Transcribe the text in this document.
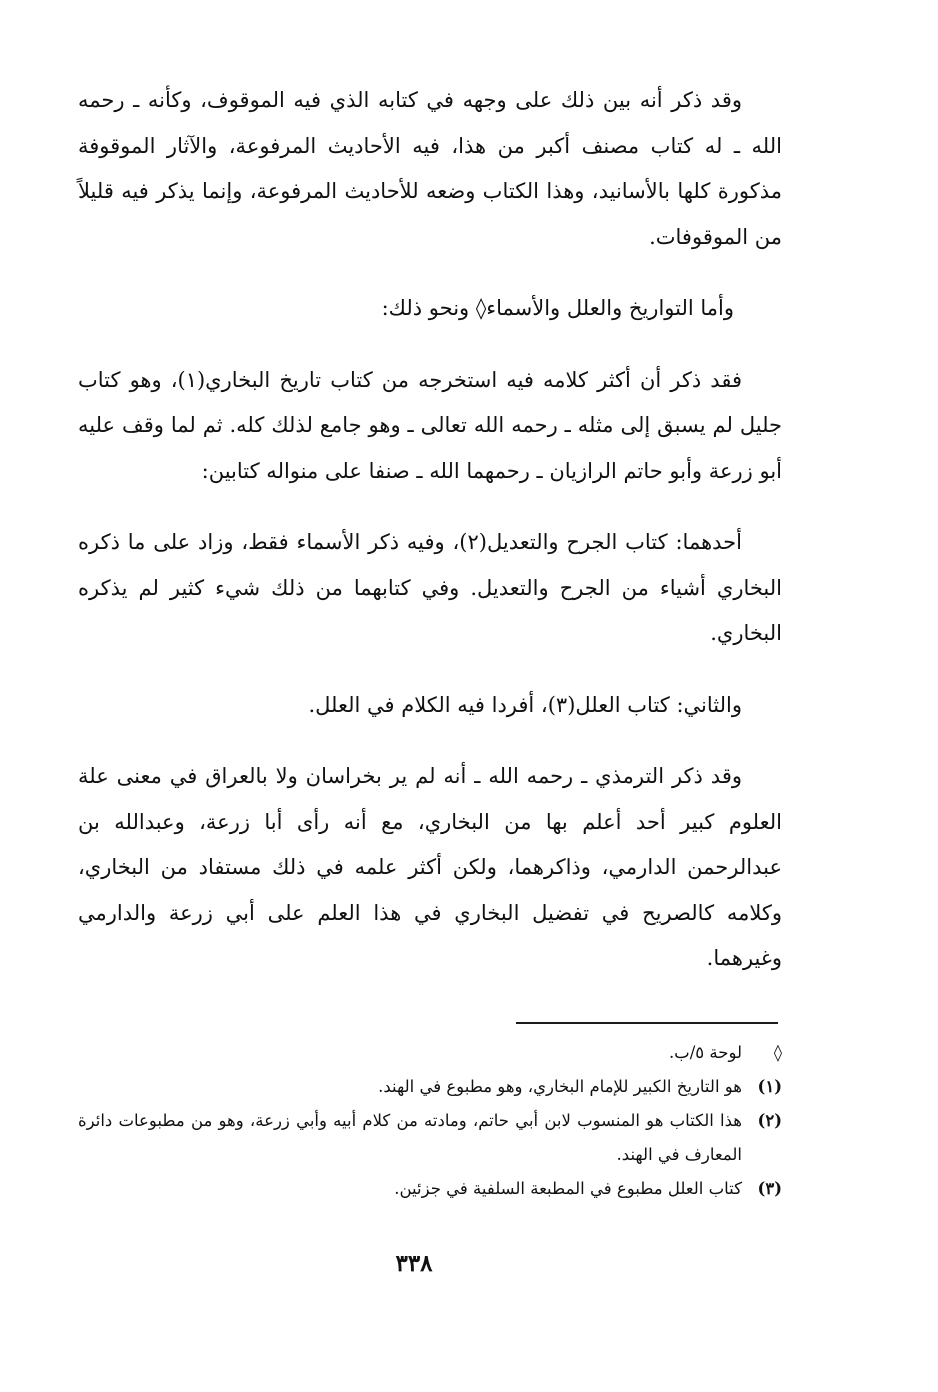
وقد ذكر أنه بين ذلك على وجهه في كتابه الذي فيه الموقوف، وكأنه ـ رحمه الله ـ له كتاب مصنف أكبر من هذا، فيه الأحاديث المرفوعة، والآثار الموقوفة مذكورة كلها بالأسانيد، وهذا الكتاب وضعه للأحاديث المرفوعة، وإنما يذكر فيه قليلاً من الموقوفات.

وأما التواريخ والعلل والأسماء◊ ونحو ذلك:

فقد ذكر أن أكثر كلامه فيه استخرجه من كتاب تاريخ البخاري(١)، وهو كتاب جليل لم يسبق إلى مثله ـ رحمه الله تعالى ـ وهو جامع لذلك كله. ثم لما وقف عليه أبو زرعة وأبو حاتم الرازيان ـ رحمهما الله ـ صنفا على منواله كتابين:

أحدهما: كتاب الجرح والتعديل(٢)، وفيه ذكر الأسماء فقط، وزاد على ما ذكره البخاري أشياء من الجرح والتعديل. وفي كتابهما من ذلك شيء كثير لم يذكره البخاري.

والثاني: كتاب العلل(٣)، أفردا فيه الكلام في العلل.

وقد ذكر الترمذي ـ رحمه الله ـ أنه لم ير بخراسان ولا بالعراق في معنى علة العلوم كبير أحد أعلم بها من البخاري، مع أنه رأى أبا زرعة، وعبدالله بن عبدالرحمن الدارمي، وذاكرهما، ولكن أكثر علمه في ذلك مستفاد من البخاري، وكلامه كالصريح في تفضيل البخاري في هذا العلم على أبي زرعة والدارمي وغيرهما.

◊
لوحة ٥/ب.
(١)
هو التاريخ الكبير للإمام البخاري، وهو مطبوع في الهند.
(٢)
هذا الكتاب هو المنسوب لابن أبي حاتم، ومادته من كلام أبيه وأبي زرعة، وهو من مطبوعات دائرة المعارف في الهند.
(٣)
كتاب العلل مطبوع في المطبعة السلفية في جزئين.
٣٣٨
